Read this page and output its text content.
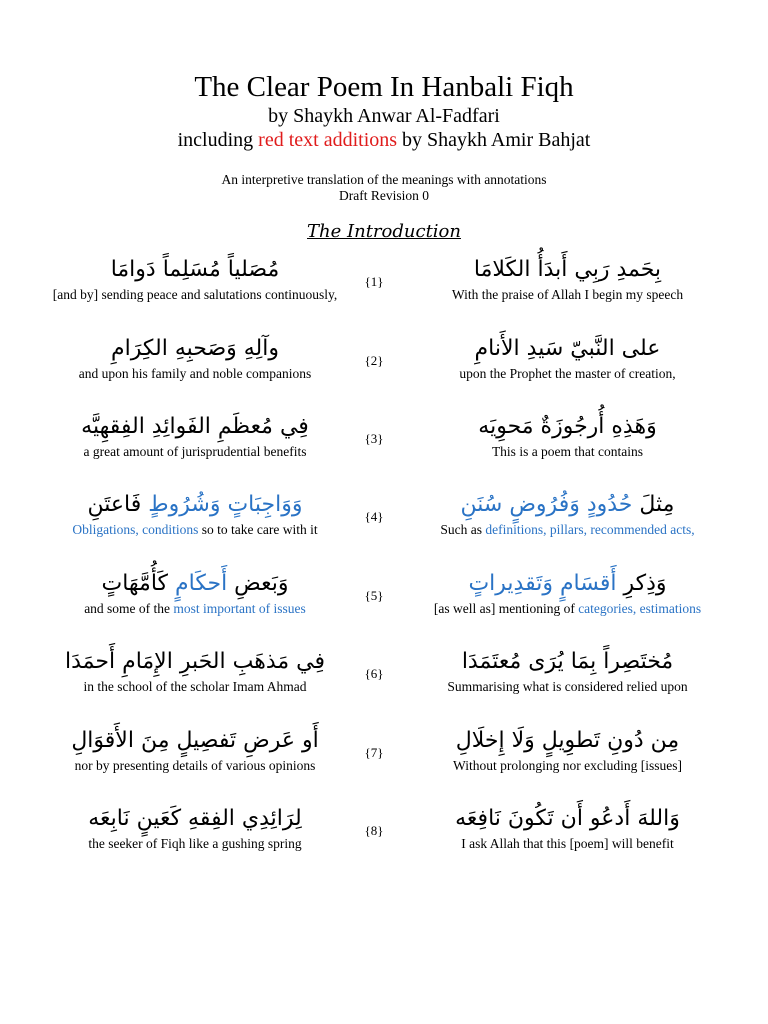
The Clear Poem In Hanbali Fiqh
by Shaykh Anwar Al-Fadfari
including red text additions by Shaykh Amir Bahjat
An interpretive translation of the meanings with annotations
Draft Revision 0
The Introduction
مُصَلياً مُسَلِماً دَوامَا
[and by] sending peace and salutations continuously,
{1}	بِحَمدِ رَبِي أَبدَأُ الكَلامَا
With the praise of Allah I begin my speech
وآلِهِ وَصَحبِهِ الكِرَامِ
and upon his family and noble companions
{2}	على النَّبيّ سَيدِ الأَنامِ
upon the Prophet the master of creation,
فِي مُعظَمِ الفَوائِدِ الفِقهِيَّه
a great amount of jurisprudential benefits
{3}	وَهَذِهِ أُرجُوزَةٌ مَحوِيَه
This is a poem that contains
وَوَاجِبَاتٍ وَشُرُوطٍ فَاعتَنِ
Obligations, conditions so to take care with it
{4}	مِثلَ حُدُودٍ وَفُرُوضٍ سُنَنِ
Such as definitions, pillars, recommended acts,
وَبَعضِ أَحكَامٍ كَأُمَّهَاتٍ
and some of the most important of issues
{5}	وَذِكرِ أَقسَامٍ وَتَقدِيراتٍ
[as well as] mentioning of categories, estimations
فِي مَذهَبِ الحَبرِ الإِمَامِ أَحمَدَا
in the school of the scholar Imam Ahmad
{6}	مُختَصِراً بِمَا يُرَى مُعتَمَدَا
Summarising what is considered relied upon
أَو عَرضِ تَفصِيلٍ مِنَ الأَقوَالِ
nor by presenting details of various opinions
{7}	مِن دُونِ تَطوِيلٍ وَلَا إِخلَالِ
Without prolonging nor excluding [issues]
لِرَائِدِي الفِقهِ كَعَينٍ نَابِعَه
the seeker of Fiqh like a gushing spring
{8}	وَاللهَ أَدعُو أَن تَكُونَ نَافِعَه
I ask Allah that this [poem] will benefit
